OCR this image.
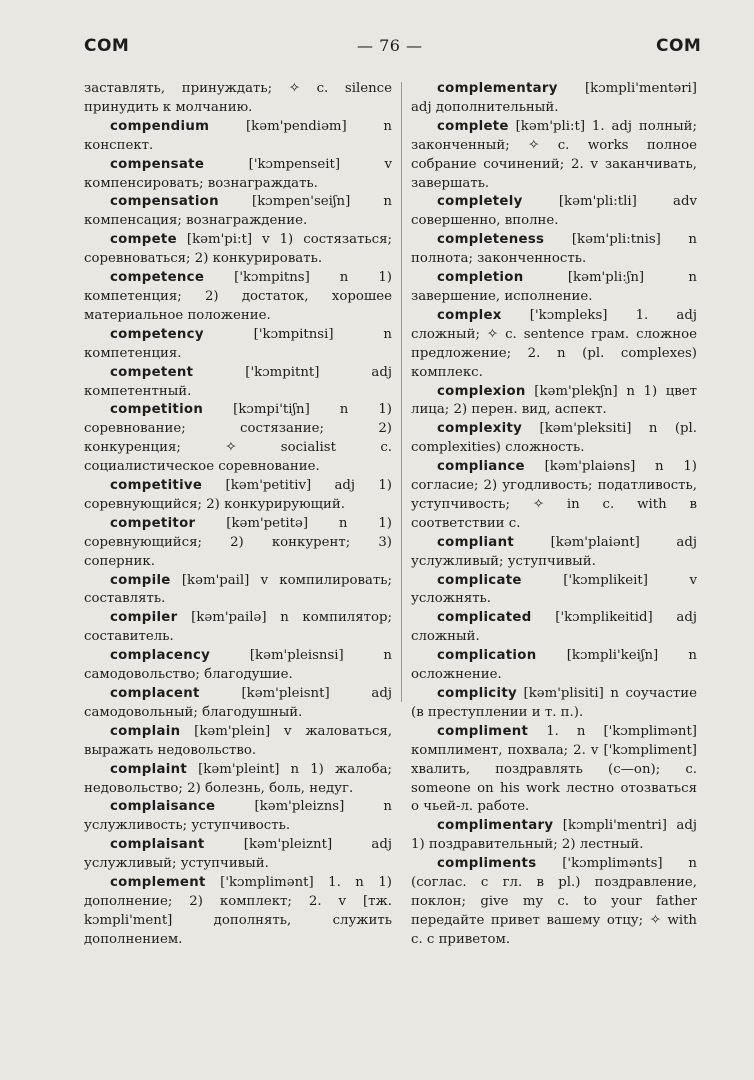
COM	— 76 —	COM

заставлять, принуждать; ✧ c. silence принудить к молчанию.

compendium [kəm'pendiəm] n конспект.

compensate ['kɔmpenseit] v компенсировать; вознаграждать.

compensation [kɔmpen'seiʃn] n компенсация; вознаграждение.

compete [kəm'pi:t] v 1) состязаться; соревноваться; 2) конкурировать.

competence ['kɔmpitns] n 1) компетенция; 2) достаток, хорошее материальное положение.

competency ['kɔmpitnsi] n компетенция.

competent ['kɔmpitnt] adj компетентный.

competition [kɔmpi'tiʃn] n 1) соревнование; состязание; 2) конкуренция; ✧ socialist c. социалистическое соревнование.

competitive [kəm'petitiv] adj 1) соревнующийся; 2) конкурирующий.

competitor [kəm'petitə] n 1) соревнующийся; 2) конкурент; 3) соперник.

compile [kəm'pail] v компилировать; составлять.

compiler [kəm'pailə] n компилятор; составитель.

complacency [kəm'pleisnsi] n самодовольство; благодушие.

complacent [kəm'pleisnt] adj самодовольный; благодушный.

complain [kəm'plein] v жаловаться, выражать недовольство.

complaint [kəm'pleint] n 1) жалоба; недовольство; 2) болезнь, боль, недуг.

complaisance [kəm'pleizns] n услужливость; уступчивость.

complaisant [kəm'pleiznt] adj услужливый; уступчивый.

complement ['kɔmplimənt] 1. n 1) дополнение; 2) комплект; 2. v [тж. kɔmpli'ment] дополнять, служить дополнением.

complementary [kɔmpli'mentəri] adj дополнительный.

complete [kəm'pli:t] 1. adj полный; законченный; ✧ c. works полное собрание сочинений; 2. v заканчивать, завершать.

completely [kəm'pli:tli] adv совершенно, вполне.

completeness [kəm'pli:tnis] n полнота; законченность.

completion [kəm'pli:ʃn] n завершение, исполнение.

complex ['kɔmpleks] 1. adj сложный; ✧ c. sentence грам. сложное предложение; 2. n (pl. complexes) комплекс.

complexion [kəm'plekʃn] n 1) цвет лица; 2) перен. вид, аспект.

complexity [kəm'pleksiti] n (pl. complexities) сложность.

compliance [kəm'plaiəns] n 1) согласие; 2) угодливость; податливость, уступчивость; ✧ in c. with в соответствии с.

compliant [kəm'plaiənt] adj услужливый; уступчивый.

complicate ['kɔmplikeit] v усложнять.

complicated ['kɔmplikeitid] adj сложный.

complication [kɔmpli'keiʃn] n осложнение.

complicity [kəm'plisiti] n соучастие (в преступлении и т. п.).

compliment 1. n ['kɔmplimənt] комплимент, похвала; 2. v ['kɔmpliment] хвалить, поздравлять (c—on); c. someone on his work лестно отозваться о чьей-л. работе.

complimentary [kɔmpli'mentri] adj 1) поздравительный; 2) лестный.

compliments ['kɔmplimənts] n (соглас. с гл. в pl.) поздравление, поклон; give my c. to your father передайте привет вашему отцу; ✧ with c. с приветом.
